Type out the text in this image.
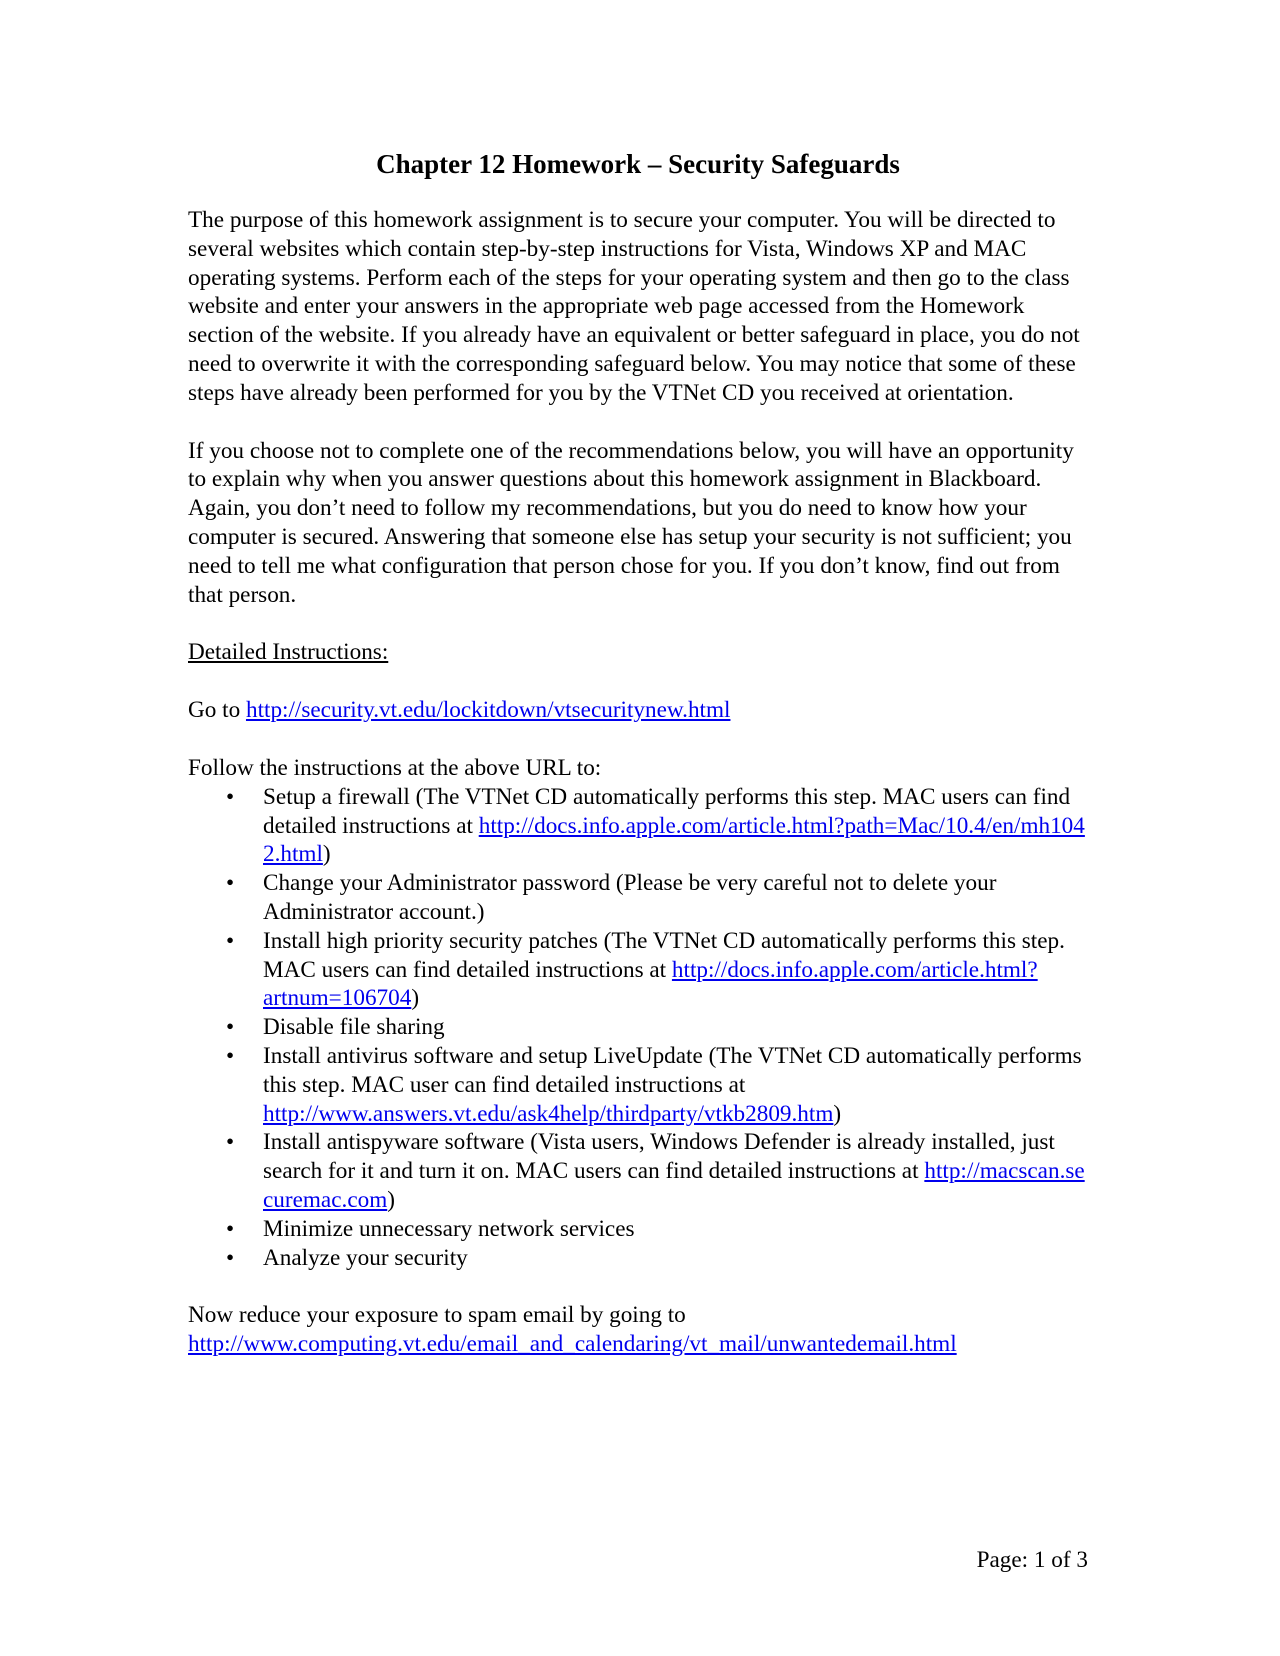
Chapter 12 Homework – Security Safeguards

The purpose of this homework assignment is to secure your computer. You will be directed to several websites which contain step-by-step instructions for Vista, Windows XP and MAC operating systems. Perform each of the steps for your operating system and then go to the class website and enter your answers in the appropriate web page accessed from the Homework section of the website. If you already have an equivalent or better safeguard in place, you do not need to overwrite it with the corresponding safeguard below. You may notice that some of these steps have already been performed for you by the VTNet CD you received at orientation.

If you choose not to complete one of the recommendations below, you will have an opportunity to explain why when you answer questions about this homework assignment in Blackboard. Again, you don’t need to follow my recommendations, but you do need to know how your computer is secured. Answering that someone else has setup your security is not sufficient; you need to tell me what configuration that person chose for you. If you don’t know, find out from that person.

Detailed Instructions:

Go to http://security.vt.edu/lockitdown/vtsecuritynew.html

Follow the instructions at the above URL to:

• Setup a firewall (The VTNet CD automatically performs this step. MAC users can find detailed instructions at http://docs.info.apple.com/article.html?path=Mac/10.4/en/mh1042.html)
• Change your Administrator password (Please be very careful not to delete your Administrator account.)
• Install high priority security patches (The VTNet CD automatically performs this step. MAC users can find detailed instructions at http://docs.info.apple.com/article.html?artnum=106704)
• Disable file sharing
• Install antivirus software and setup LiveUpdate (The VTNet CD automatically performs this step. MAC user can find detailed instructions at http://www.answers.vt.edu/ask4help/thirdparty/vtkb2809.htm)
• Install antispyware software (Vista users, Windows Defender is already installed, just search for it and turn it on. MAC users can find detailed instructions at http://macscan.securemac.com)
• Minimize unnecessary network services
• Analyze your security

Now reduce your exposure to spam email by going to
http://www.computing.vt.edu/email_and_calendaring/vt_mail/unwantedemail.html

Page: 1 of 3
